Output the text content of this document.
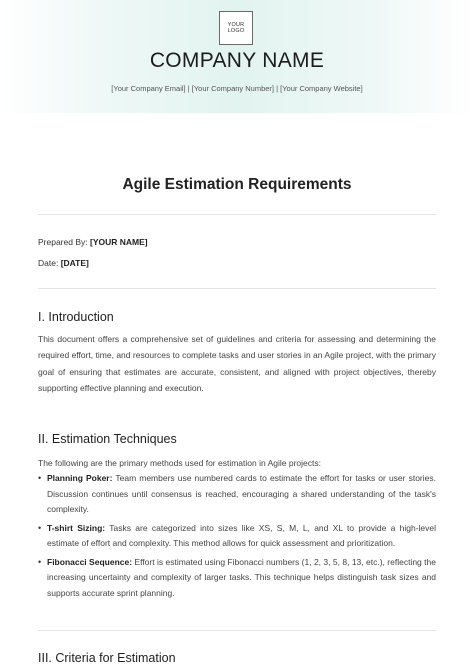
YOUR LOGO
COMPANY NAME
[Your Company Email] | [Your Company Number] | [Your Company Website]
Agile Estimation Requirements
Prepared By: [YOUR NAME]
Date: [DATE]
I. Introduction

This document offers a comprehensive set of guidelines and criteria for assessing and determining the required effort, time, and resources to complete tasks and user stories in an Agile project, with the primary goal of ensuring that estimates are accurate, consistent, and aligned with project objectives, thereby supporting effective planning and execution.

II. Estimation Techniques

The following are the primary methods used for estimation in Agile projects:

• Planning Poker: Team members use numbered cards to estimate the effort for tasks or user stories. Discussion continues until consensus is reached, encouraging a shared understanding of the task's complexity.
• T-shirt Sizing: Tasks are categorized into sizes like XS, S, M, L, and XL to provide a high-level estimate of effort and complexity. This method allows for quick assessment and prioritization.
• Fibonacci Sequence: Effort is estimated using Fibonacci numbers (1, 2, 3, 5, 8, 13, etc.), reflecting the increasing uncertainty and complexity of larger tasks. This technique helps distinguish task sizes and supports accurate sprint planning.
III. Criteria for Estimation
